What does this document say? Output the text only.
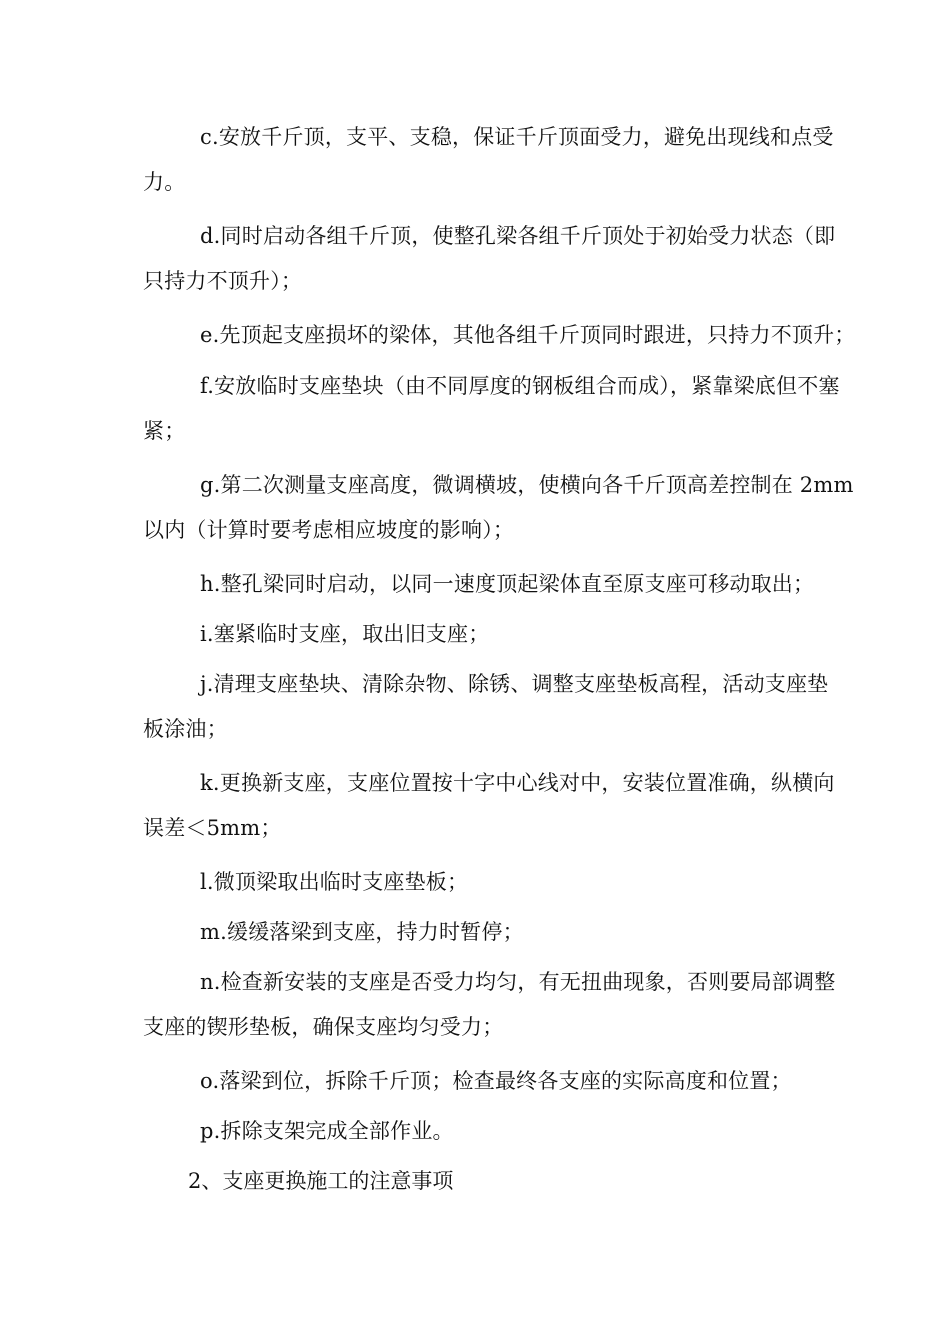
c.安放千斤顶，支平、支稳，保证千斤顶面受力，避免出现线和点受
力。

d.同时启动各组千斤顶，使整孔梁各组千斤顶处于初始受力状态（即
只持力不顶升）；

e.先顶起支座损坏的梁体，其他各组千斤顶同时跟进，只持力不顶升；

f.安放临时支座垫块（由不同厚度的钢板组合而成），紧靠梁底但不塞
紧；

g.第二次测量支座高度，微调横坡，使横向各千斤顶高差控制在 2mm
以内（计算时要考虑相应坡度的影响）；

h.整孔梁同时启动，以同一速度顶起梁体直至原支座可移动取出；

i.塞紧临时支座，取出旧支座；

j.清理支座垫块、清除杂物、除锈、调整支座垫板高程，活动支座垫
板涂油；

k.更换新支座，支座位置按十字中心线对中，安装位置准确，纵横向
误差＜5mm；

l.微顶梁取出临时支座垫板；

m.缓缓落梁到支座，持力时暂停；

n.检查新安装的支座是否受力均匀，有无扭曲现象，否则要局部调整
支座的锲形垫板，确保支座均匀受力；

o.落梁到位，拆除千斤顶；检查最终各支座的实际高度和位置；

p.拆除支架完成全部作业。

2、支座更换施工的注意事项
